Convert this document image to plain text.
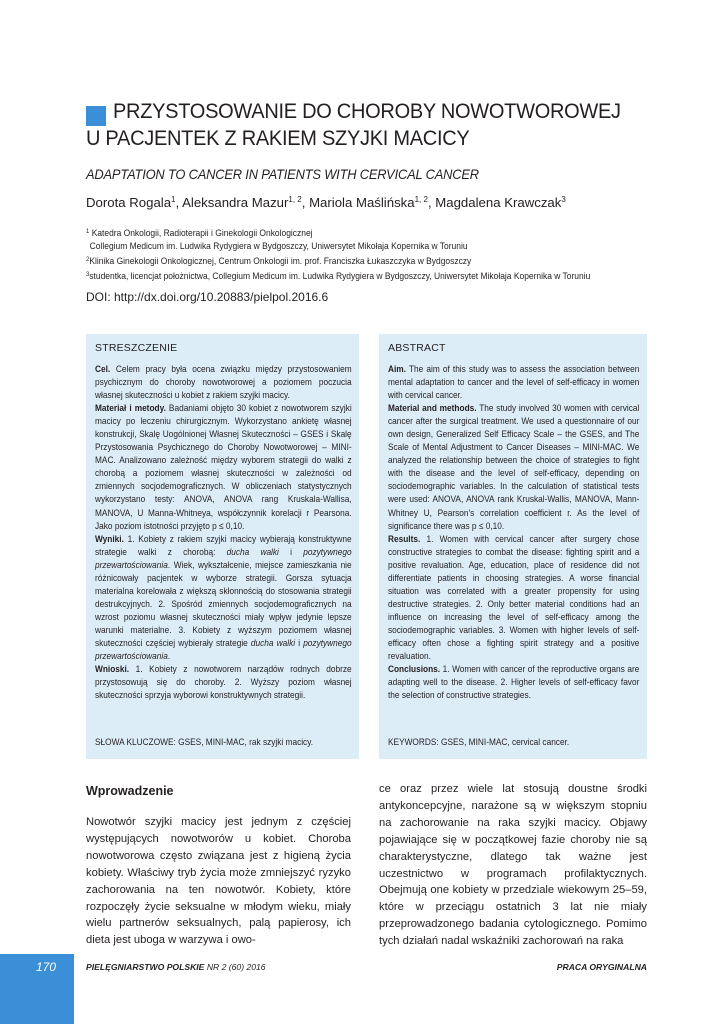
PRZYSTOSOWANIE DO CHOROBY NOWOTWOROWEJ
U PACJENTEK Z RAKIEM SZYJKI MACICY
ADAPTATION TO CANCER IN PATIENTS WITH CERVICAL CANCER
Dorota Rogala$^1$, Aleksandra Mazur$^{1, 2}$, Mariola Maślińska$^{1, 2}$, Magdalena Krawczak$^3$
$^1$ Katedra Onkologii, Radioterapii i Ginekologii Onkologicznej
Collegium Medicum im. Ludwika Rydygiera w Bydgoszczy, Uniwersytet Mikołaja Kopernika w Toruniu
$^2$Klinika Ginekologii Onkologicznej, Centrum Onkologii im. prof. Franciszka Łukaszczyka w Bydgoszczy
$^3$studentka, licencjat położnictwa, Collegium Medicum im. Ludwika Rydygiera w Bydgoszczy, Uniwersytet Mikołaja Kopernika w Toruniu
DOI: http://dx.doi.org/10.20883/pielpol.2016.6
STRESZCZENIE
Cel. Celem pracy była ocena związku między przystosowaniem psychicznym do choroby nowotworowej a poziomem poczucia własnej skuteczności u kobiet z rakiem szyjki macicy.
Materiał i metody. Badaniami objęto 30 kobiet z nowotworem szyjki macicy po leczeniu chirurgicznym. Wykorzystano ankietę własnej konstrukcji, Skalę Uogólnionej Własnej Skuteczności – GSES i Skalę Przystosowania Psychicznego do Choroby Nowotworowej – MINI-MAC. Analizowano zależność między wyborem strategii do walki z chorobą a poziomem własnej skuteczności w zależności od zmiennych socjodemograficznych. W obliczeniach statystycznych wykorzystano testy: ANOVA, ANOVA rang Kruskala-Wallisa, MANOVA, U Manna-Whitneya, współczynnik korelacji r Pearsona. Jako poziom istotności przyjęto p ≤ 0,10.
Wyniki. 1. Kobiety z rakiem szyjki macicy wybierają konstruktywne strategie walki z chorobą: ducha walki i pozytywnego przewartościowania. Wiek, wykształcenie, miejsce zamieszkania nie różnicowały pacjentek w wyborze strategii. Gorsza sytuacja materialna korelowała z większą skłonnością do stosowania strategii destrukcyjnych. 2. Spośród zmiennych socjodemograficznych na wzrost poziomu własnej skuteczności miały wpływ jedynie lepsze warunki materialne. 3. Kobiety z wyższym poziomem własnej skuteczności częściej wybierały strategie ducha walki i pozytywnego przewartościowania.
Wnioski. 1. Kobiety z nowotworem narządów rodnych dobrze przystosowują się do choroby. 2. Wyższy poziom własnej skuteczności sprzyja wyborowi konstruktywnych strategii.
SŁOWA KLUCZOWE: GSES, MINI-MAC, rak szyjki macicy.
ABSTRACT
Aim. The aim of this study was to assess the association between mental adaptation to cancer and the level of self-efficacy in women with cervical cancer.
Material and methods. The study involved 30 women with cervical cancer after the surgical treatment. We used a questionnaire of our own design, Generalized Self Efficacy Scale – the GSES, and The Scale of Mental Adjustment to Cancer Diseases – MINI-MAC. We analyzed the relationship between the choice of strategies to fight with the disease and the level of self-efficacy, depending on sociodemographic variables. In the calculation of statistical tests were used: ANOVA, ANOVA rank Kruskal-Wallis, MANOVA, Mann-Whitney U, Pearson's correlation coefficient r. As the level of significance there was p ≤ 0,10.
Results. 1. Women with cervical cancer after surgery chose constructive strategies to combat the disease: fighting spirit and a positive revaluation. Age, education, place of residence did not differentiate patients in choosing strategies. A worse financial situation was correlated with a greater propensity for using destructive strategies. 2. Only better material conditions had an influence on increasing the level of self-efficacy among the sociodemographic variables. 3. Women with higher levels of self-efficacy often chose a fighting spirit strategy and a positive revaluation.
Conclusions. 1. Women with cancer of the reproductive organs are adapting well to the disease. 2. Higher levels of self-efficacy favor the selection of constructive strategies.
KEYWORDS: GSES, MINI-MAC, cervical cancer.
Wprowadzenie

Nowotwór szyjki macicy jest jednym z częściej występujących nowotworów u kobiet. Choroba nowotworowa często związana jest z higieną życia kobiety. Właściwy tryb życia może zmniejszyć ryzyko zachorowania na ten nowotwór. Kobiety, które rozpoczęły życie seksualne w młodym wieku, miały wielu partnerów seksualnych, palą papierosy, ich dieta jest uboga w warzywa i owo-

ce oraz przez wiele lat stosują doustne środki antykoncepcyjne, narażone są w większym stopniu na zachorowanie na raka szyjki macicy. Objawy pojawiające się w początkowej fazie choroby nie są charakterystyczne, dlatego tak ważne jest uczestnictwo w programach profilaktycznych. Obejmują one kobiety w przedziale wiekowym 25–59, które w przeciągu ostatnich 3 lat nie miały przeprowadzonego badania cytologicznego. Pomimo tych działań nadal wskaźniki zachorowań na raka

170	PIELĘGNIARSTWO POLSKIE NR 2 (60) 2016	PRACA ORYGINALNA
